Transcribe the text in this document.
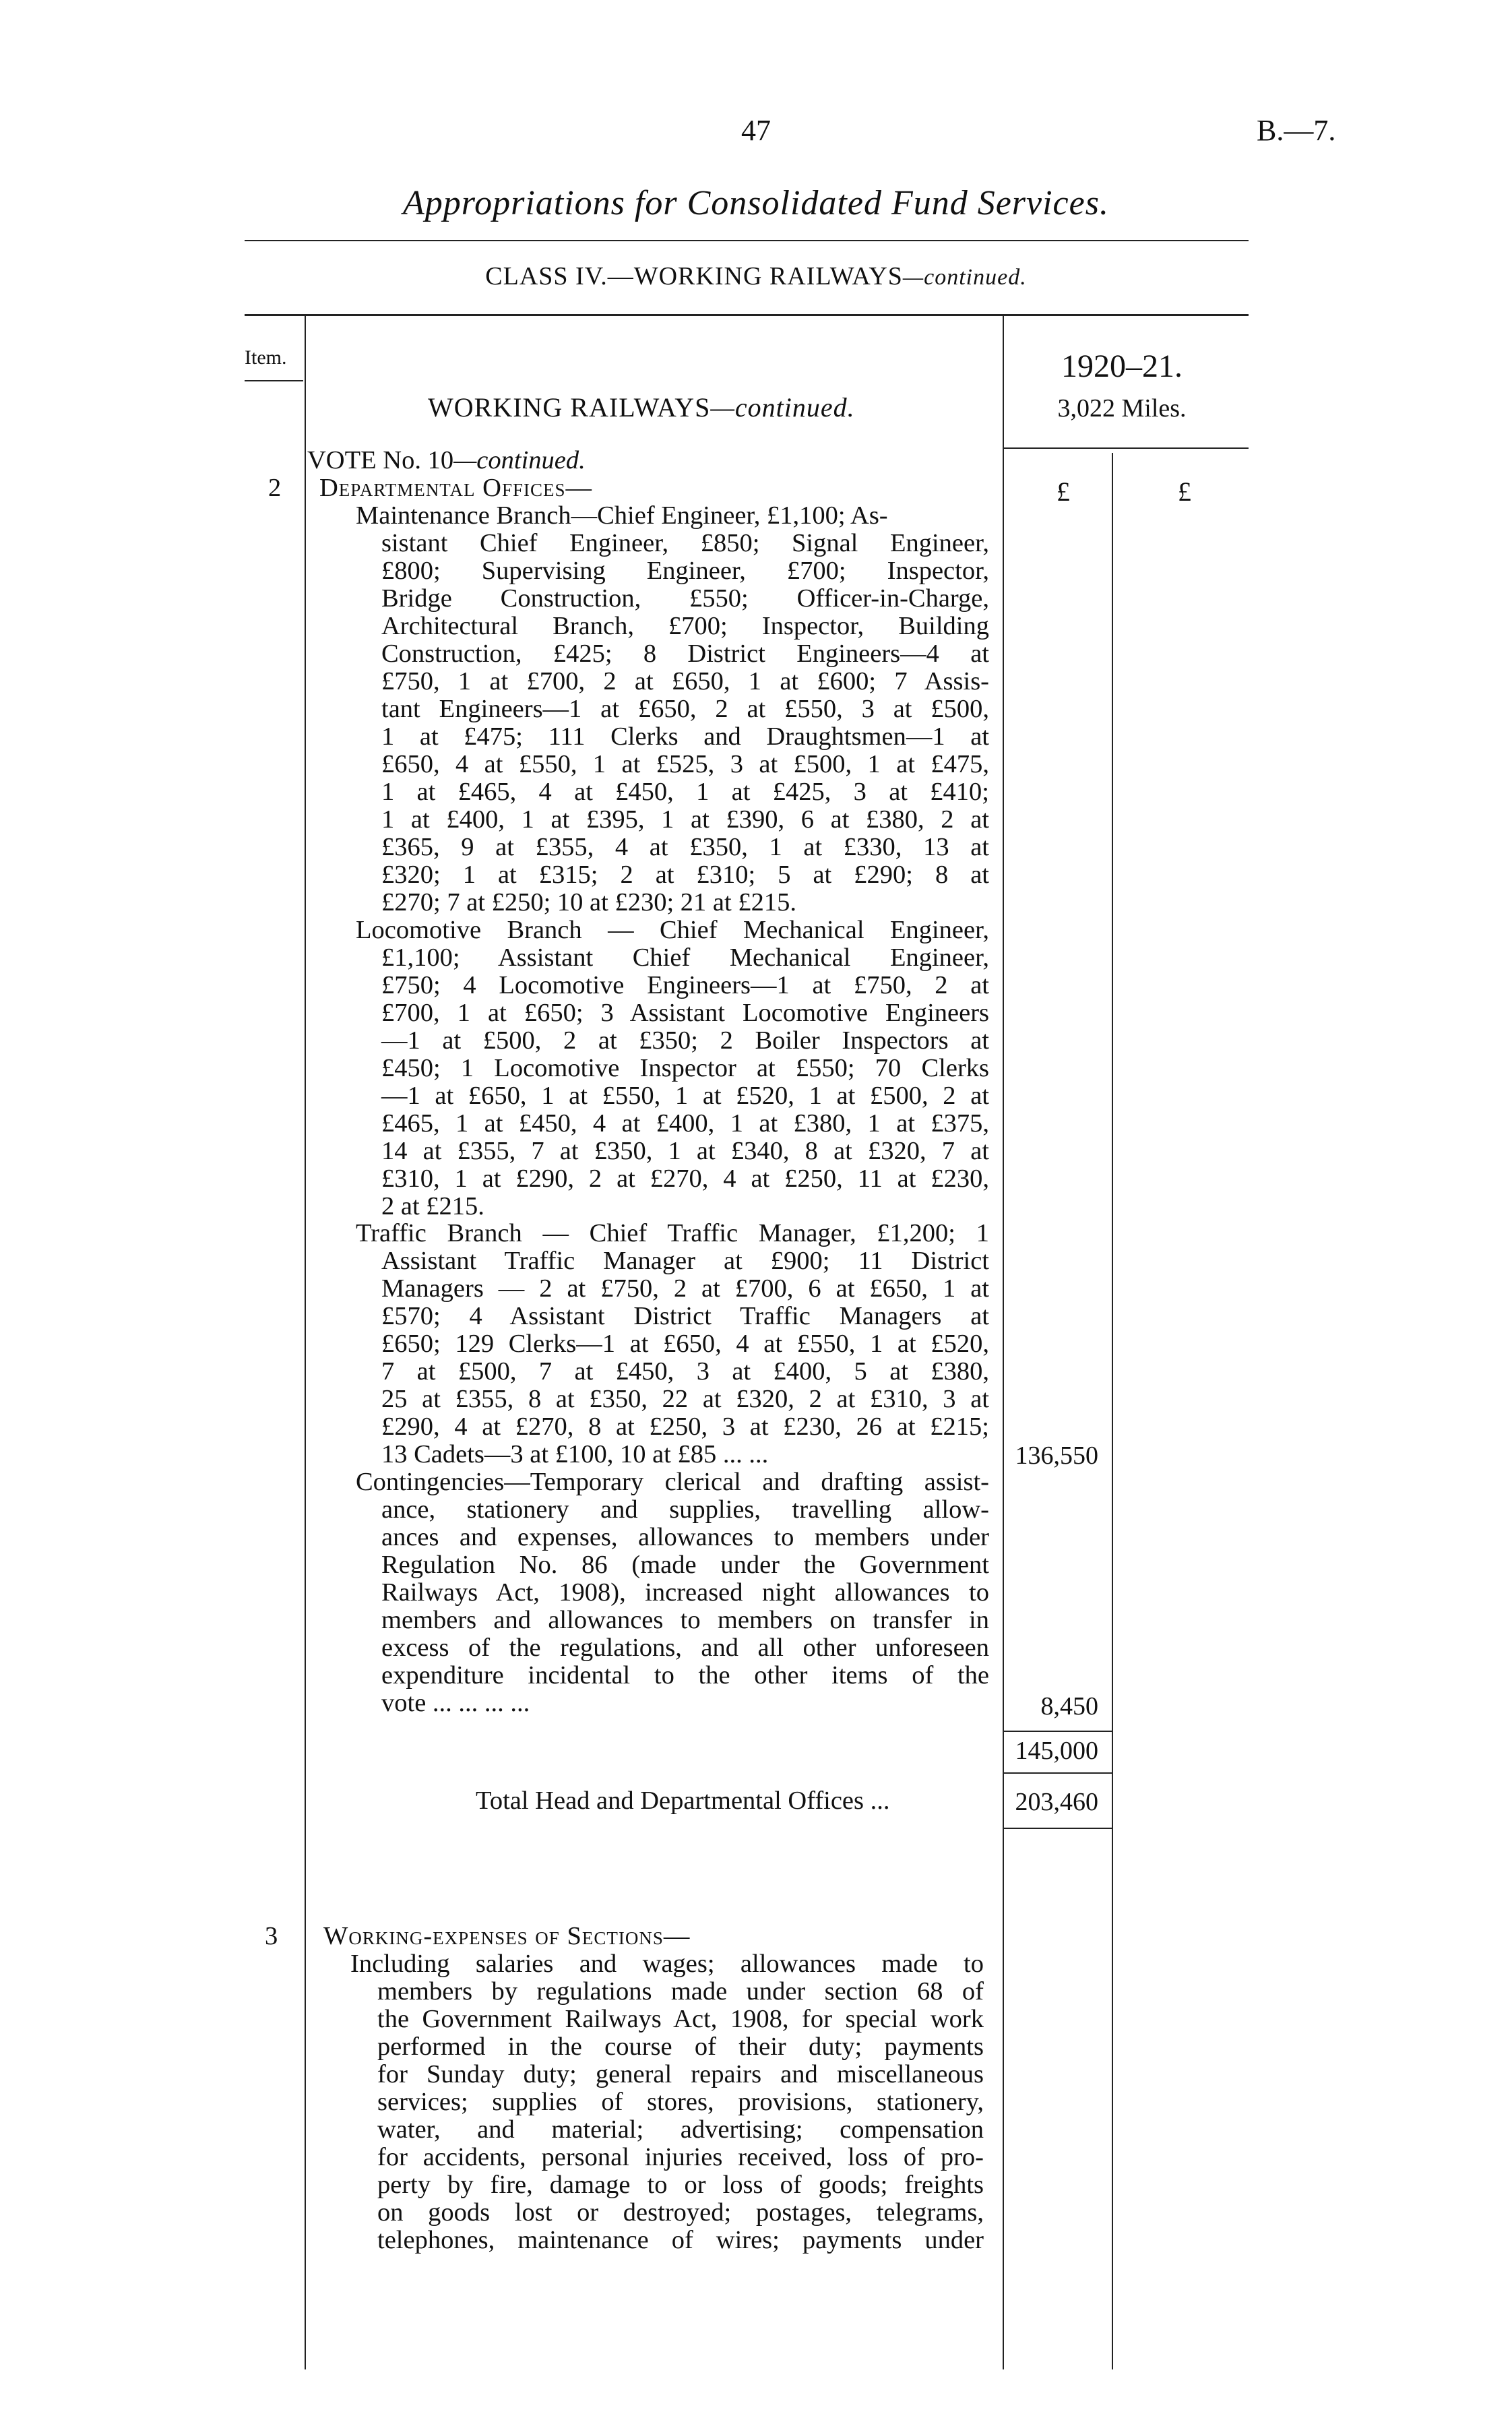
47	B.—7.
Appropriations for Consolidated Fund Services.
CLASS IV.—WORKING RAILWAYS—continued.
Item.
WORKING RAILWAYS—continued.
1920–21.
3,022 Miles.
£	£
VOTE No. 10—continued.
2 Departmental Offices—
Maintenance Branch—Chief Engineer, £1,100; As-
sistant Chief Engineer, £850; Signal Engineer,
£800; Supervising Engineer, £700; Inspector,
Bridge Construction, £550; Officer-in-Charge,
Architectural Branch, £700; Inspector, Building
Construction, £425; 8 District Engineers—4 at
£750, 1 at £700, 2 at £650, 1 at £600; 7 Assis-
tant Engineers—1 at £650, 2 at £550, 3 at £500,
1 at £475; 111 Clerks and Draughtsmen—1 at
£650, 4 at £550, 1 at £525, 3 at £500, 1 at £475,
1 at £465, 4 at £450, 1 at £425, 3 at £410;
1 at £400, 1 at £395, 1 at £390, 6 at £380, 2 at
£365, 9 at £355, 4 at £350, 1 at £330, 13 at
£320; 1 at £315; 2 at £310; 5 at £290; 8 at
£270; 7 at £250; 10 at £230; 21 at £215.
Locomotive Branch — Chief Mechanical Engineer,
£1,100; Assistant Chief Mechanical Engineer,
£750; 4 Locomotive Engineers—1 at £750, 2 at
£700, 1 at £650; 3 Assistant Locomotive Engineers
—1 at £500, 2 at £350; 2 Boiler Inspectors at
£450; 1 Locomotive Inspector at £550; 70 Clerks
—1 at £650, 1 at £550, 1 at £520, 1 at £500, 2 at
£465, 1 at £450, 4 at £400, 1 at £380, 1 at £375,
14 at £355, 7 at £350, 1 at £340, 8 at £320, 7 at
£310, 1 at £290, 2 at £270, 4 at £250, 11 at £230,
2 at £215.
Traffic Branch — Chief Traffic Manager, £1,200; 1
Assistant Traffic Manager at £900; 11 District
Managers — 2 at £750, 2 at £700, 6 at £650, 1 at
£570; 4 Assistant District Traffic Managers at
£650; 129 Clerks—1 at £650, 4 at £550, 1 at £520,
7 at £500, 7 at £450, 3 at £400, 5 at £380,
25 at £355, 8 at £350, 22 at £320, 2 at £310, 3 at
£290, 4 at £270, 8 at £250, 3 at £230, 26 at £215;
13 Cadets—3 at £100, 10 at £85 ... ...	136,550
Contingencies—Temporary clerical and drafting assist-
ance, stationery and supplies, travelling allow-
ances and expenses, allowances to members under
Regulation No. 86 (made under the Government
Railways Act, 1908), increased night allowances to
members and allowances to members on transfer in
excess of the regulations, and all other unforeseen
expenditure incidental to the other items of the
vote ... ... ... ...	8,450
145,000
Total Head and Departmental Offices ...	203,460
3 Working-expenses of Sections—
Including salaries and wages; allowances made to
members by regulations made under section 68 of
the Government Railways Act, 1908, for special work
performed in the course of their duty; payments
for Sunday duty; general repairs and miscellaneous
services; supplies of stores, provisions, stationery,
water, and material; advertising; compensation
for accidents, personal injuries received, loss of pro-
perty by fire, damage to or loss of goods; freights
on goods lost or destroyed; postages, telegrams,
telephones, maintenance of wires; payments under
